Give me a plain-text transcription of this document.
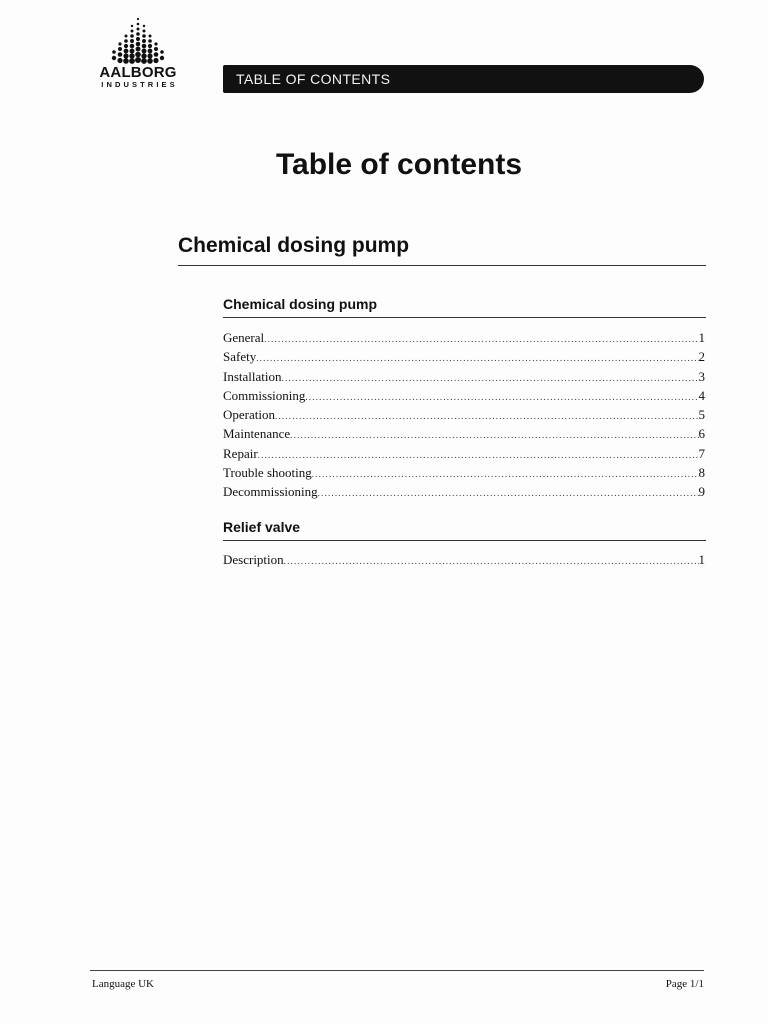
AALBORG
INDUSTRIES	TABLE OF CONTENTS
Table of contents
Chemical dosing pump
Chemical dosing pump
General .....	1
Safety .....	2
Installation .....	3
Commissioning .....	4
Operation .....	5
Maintenance .....	6
Repair .....	7
Trouble shooting .....	8
Decommissioning .....	9
Relief valve
Description .....	1
Language UK	Page 1/1
